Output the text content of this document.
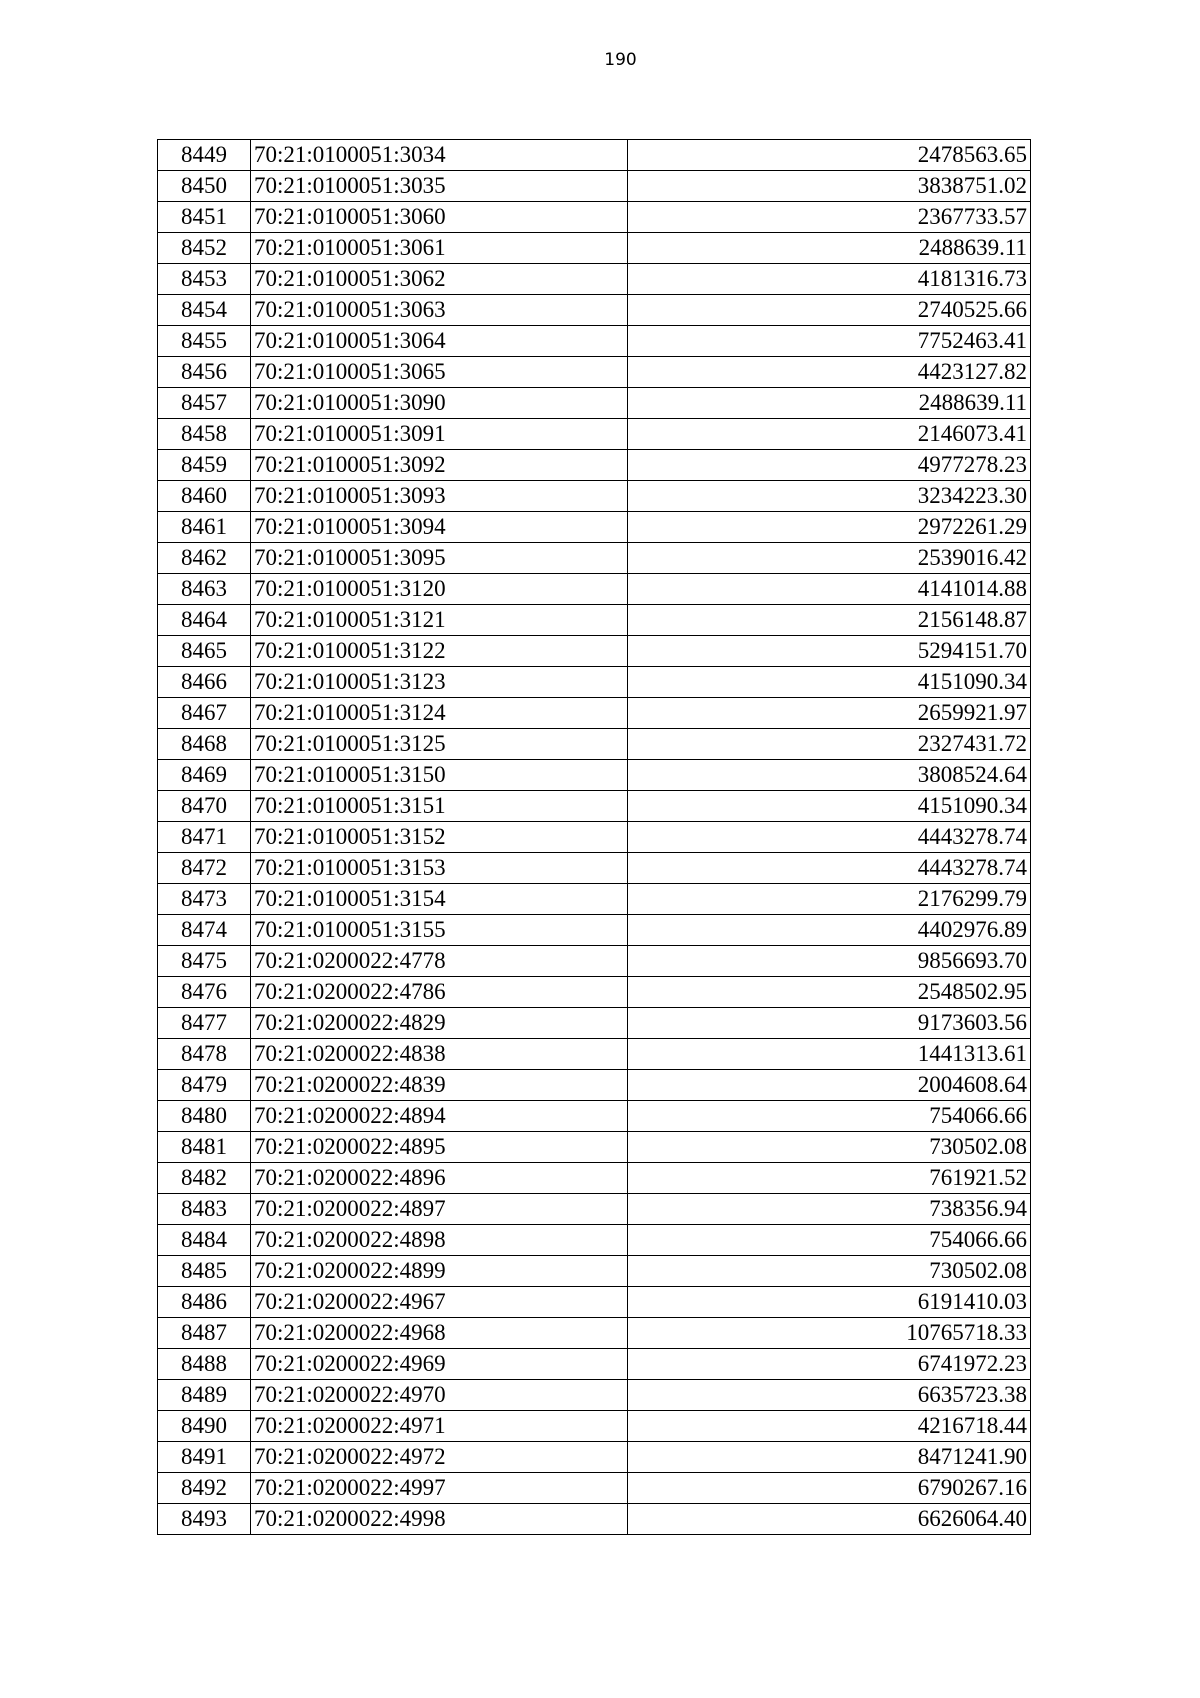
190
8449	70:21:0100051:3034	2478563.65
8450	70:21:0100051:3035	3838751.02
8451	70:21:0100051:3060	2367733.57
8452	70:21:0100051:3061	2488639.11
8453	70:21:0100051:3062	4181316.73
8454	70:21:0100051:3063	2740525.66
8455	70:21:0100051:3064	7752463.41
8456	70:21:0100051:3065	4423127.82
8457	70:21:0100051:3090	2488639.11
8458	70:21:0100051:3091	2146073.41
8459	70:21:0100051:3092	4977278.23
8460	70:21:0100051:3093	3234223.30
8461	70:21:0100051:3094	2972261.29
8462	70:21:0100051:3095	2539016.42
8463	70:21:0100051:3120	4141014.88
8464	70:21:0100051:3121	2156148.87
8465	70:21:0100051:3122	5294151.70
8466	70:21:0100051:3123	4151090.34
8467	70:21:0100051:3124	2659921.97
8468	70:21:0100051:3125	2327431.72
8469	70:21:0100051:3150	3808524.64
8470	70:21:0100051:3151	4151090.34
8471	70:21:0100051:3152	4443278.74
8472	70:21:0100051:3153	4443278.74
8473	70:21:0100051:3154	2176299.79
8474	70:21:0100051:3155	4402976.89
8475	70:21:0200022:4778	9856693.70
8476	70:21:0200022:4786	2548502.95
8477	70:21:0200022:4829	9173603.56
8478	70:21:0200022:4838	1441313.61
8479	70:21:0200022:4839	2004608.64
8480	70:21:0200022:4894	754066.66
8481	70:21:0200022:4895	730502.08
8482	70:21:0200022:4896	761921.52
8483	70:21:0200022:4897	738356.94
8484	70:21:0200022:4898	754066.66
8485	70:21:0200022:4899	730502.08
8486	70:21:0200022:4967	6191410.03
8487	70:21:0200022:4968	10765718.33
8488	70:21:0200022:4969	6741972.23
8489	70:21:0200022:4970	6635723.38
8490	70:21:0200022:4971	4216718.44
8491	70:21:0200022:4972	8471241.90
8492	70:21:0200022:4997	6790267.16
8493	70:21:0200022:4998	6626064.40
